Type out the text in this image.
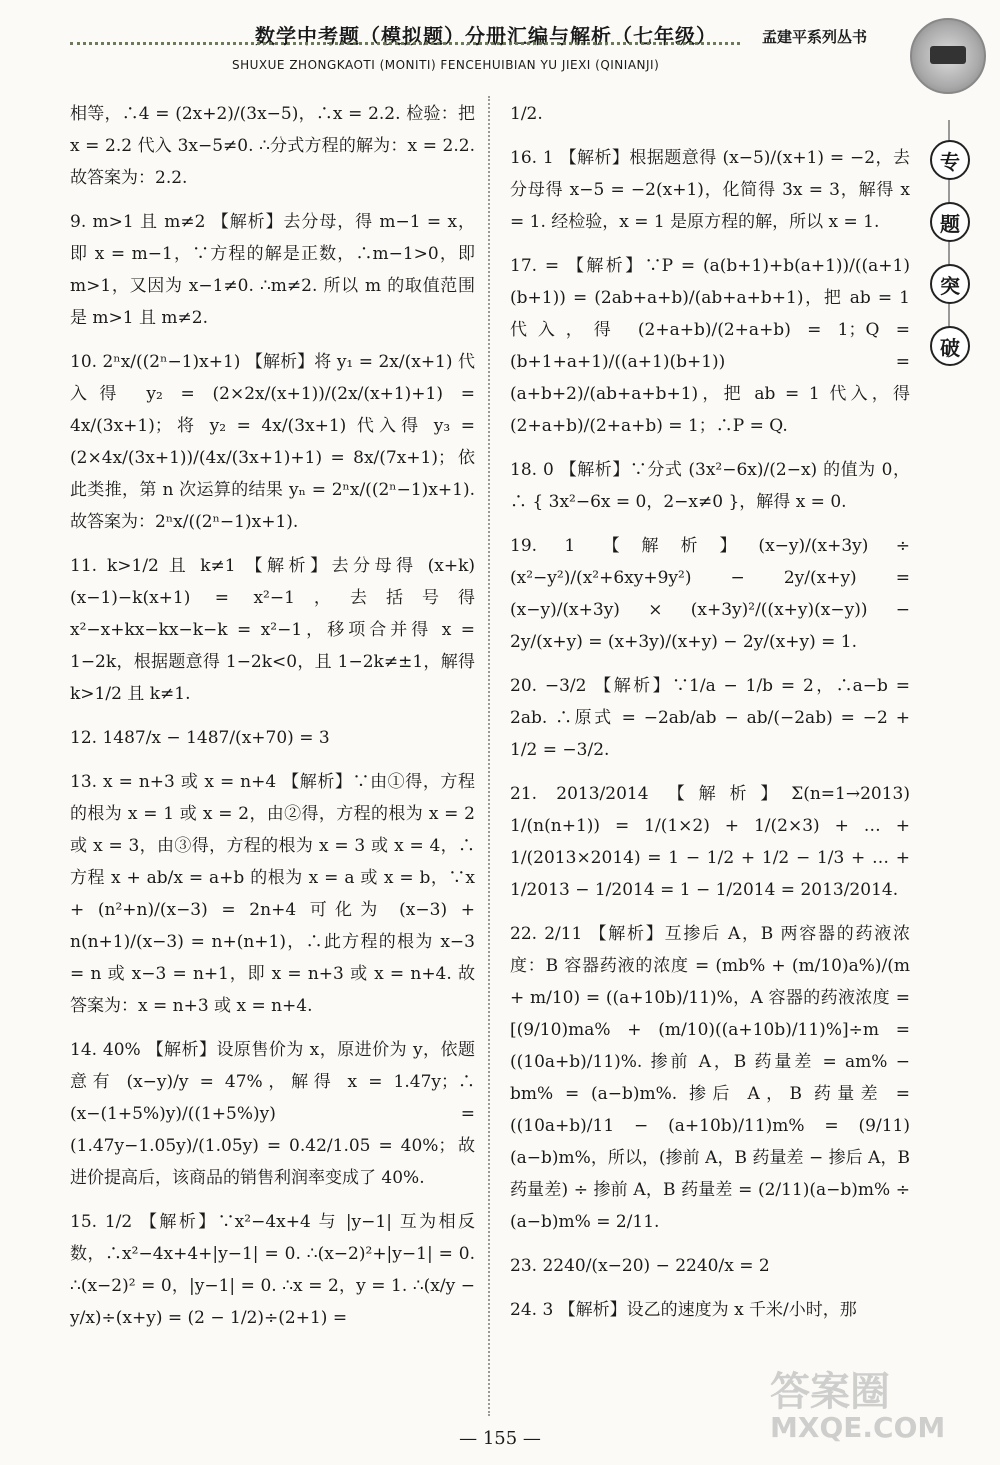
数学中考题（模拟题）分册汇编与解析（七年级）	孟建平系列丛书
SHUXUE ZHONGKAOTI (MONITI) FENCEHUIBIAN YU JIEXI (QINIANJI)
专
题
突
破

相等，∴4 = (2x+2)/(3x−5)，∴x = 2.2. 检验：把 x = 2.2 代入 3x−5≠0. ∴分式方程的解为：x = 2.2. 故答案为：2.2.

9. m>1 且 m≠2 【解析】去分母，得 m−1 = x，即 x = m−1，∵方程的解是正数，∴m−1>0，即 m>1，又因为 x−1≠0. ∴m≠2. 所以 m 的取值范围是 m>1 且 m≠2.

10. 2ⁿx/((2ⁿ−1)x+1) 【解析】将 y₁ = 2x/(x+1) 代入得 y₂ = (2×2x/(x+1))/(2x/(x+1)+1) = 4x/(3x+1)；将 y₂ = 4x/(3x+1) 代入得 y₃ = (2×4x/(3x+1))/(4x/(3x+1)+1) = 8x/(7x+1)；依此类推，第 n 次运算的结果 yₙ = 2ⁿx/((2ⁿ−1)x+1). 故答案为：2ⁿx/((2ⁿ−1)x+1).

11. k>1/2 且 k≠1 【解析】去分母得 (x+k)(x−1)−k(x+1) = x²−1，去括号得 x²−x+kx−kx−k−k = x²−1，移项合并得 x = 1−2k，根据题意得 1−2k<0，且 1−2k≠±1，解得 k>1/2 且 k≠1.

12. 1487/x − 1487/(x+70) = 3

13. x = n+3 或 x = n+4 【解析】∵由①得，方程的根为 x = 1 或 x = 2，由②得，方程的根为 x = 2 或 x = 3，由③得，方程的根为 x = 3 或 x = 4，∴方程 x + ab/x = a+b 的根为 x = a 或 x = b，∵x + (n²+n)/(x−3) = 2n+4 可化为 (x−3) + n(n+1)/(x−3) = n+(n+1)，∴此方程的根为 x−3 = n 或 x−3 = n+1，即 x = n+3 或 x = n+4. 故答案为：x = n+3 或 x = n+4.

14. 40% 【解析】设原售价为 x，原进价为 y，依题意有 (x−y)/y = 47%，解得 x = 1.47y；∴ (x−(1+5%)y)/((1+5%)y) = (1.47y−1.05y)/(1.05y) = 0.42/1.05 = 40%；故进价提高后，该商品的销售利润率变成了 40%.

15. 1/2 【解析】∵x²−4x+4 与 |y−1| 互为相反数，∴x²−4x+4+|y−1| = 0. ∴(x−2)²+|y−1| = 0. ∴(x−2)² = 0，|y−1| = 0. ∴x = 2，y = 1. ∴(x/y − y/x)÷(x+y) = (2 − 1/2)÷(2+1) =

1/2.

16. 1 【解析】根据题意得 (x−5)/(x+1) = −2，去分母得 x−5 = −2(x+1)，化简得 3x = 3，解得 x = 1. 经检验，x = 1 是原方程的解，所以 x = 1.

17. = 【解析】∵P = (a(b+1)+b(a+1))/((a+1)(b+1)) = (2ab+a+b)/(ab+a+b+1)，把 ab = 1 代入，得 (2+a+b)/(2+a+b) = 1；Q = (b+1+a+1)/((a+1)(b+1)) = (a+b+2)/(ab+a+b+1)，把 ab = 1 代入，得 (2+a+b)/(2+a+b) = 1；∴P = Q.

18. 0 【解析】∵分式 (3x²−6x)/(2−x) 的值为 0，∴ { 3x²−6x = 0，2−x≠0 }，解得 x = 0.

19. 1 【解析】(x−y)/(x+3y) ÷ (x²−y²)/(x²+6xy+9y²) − 2y/(x+y) = (x−y)/(x+3y) × (x+3y)²/((x+y)(x−y)) − 2y/(x+y) = (x+3y)/(x+y) − 2y/(x+y) = 1.

20. −3/2 【解析】∵1/a − 1/b = 2，∴a−b = 2ab. ∴原式 = −2ab/ab − ab/(−2ab) = −2 + 1/2 = −3/2.

21. 2013/2014 【解析】Σ(n=1→2013) 1/(n(n+1)) = 1/(1×2) + 1/(2×3) + … + 1/(2013×2014) = 1 − 1/2 + 1/2 − 1/3 + … + 1/2013 − 1/2014 = 1 − 1/2014 = 2013/2014.

22. 2/11 【解析】互掺后 A，B 两容器的药液浓度：B 容器药液的浓度 = (mb% + (m/10)a%)/(m + m/10) = ((a+10b)/11)%，A 容器的药液浓度 = [(9/10)ma% + (m/10)((a+10b)/11)%]÷m = ((10a+b)/11)%. 掺前 A，B 药量差 = am% − bm% = (a−b)m%. 掺后 A，B 药量差 = ((10a+b)/11 − (a+10b)/11)m% = (9/11)(a−b)m%，所以，(掺前 A，B 药量差 − 掺后 A，B 药量差) ÷ 掺前 A，B 药量差 = (2/11)(a−b)m% ÷ (a−b)m% = 2/11.

23. 2240/(x−20) − 2240/x = 2

24. 3 【解析】设乙的速度为 x 千米/小时，那

— 155 —
答案圈
MXQE.COM
